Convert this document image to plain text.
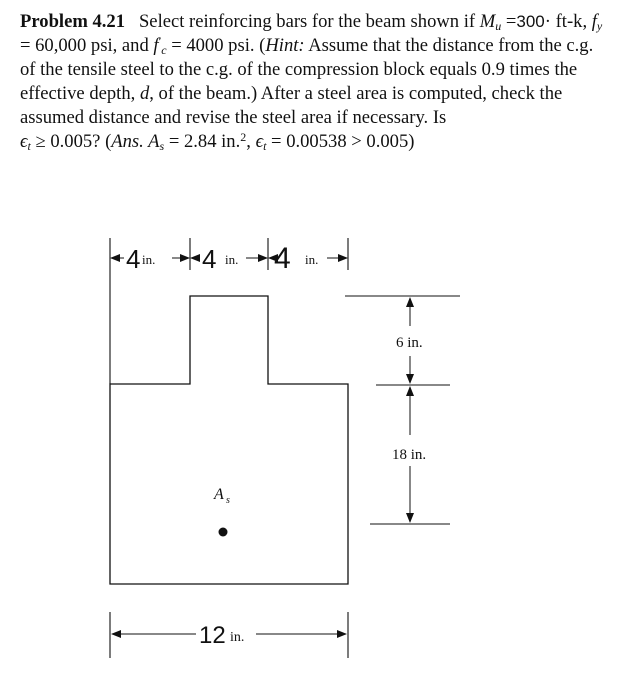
Problem 4.21 Select reinforcing bars for the beam shown if $M_u =300\cdot ft-k$, $f_y = 60,000$ psi, and $f'_c = 4000$ psi. (Hint: Assume that the distance from the c.g. of the tensile steel to the c.g. of the compression block equals 0.9 times the effective depth, d, of the beam.) After a steel area is computed, check the assumed distance and revise the steel area if necessary. Is
$\epsilon_t \ge 0.005$? (Ans. $A_s = 2.84$ in.$^2$, $\epsilon_t = 0.00538 > 0.005$)
4 in. 4 in. 4 in.
6 in.
18 in.
A s
12 in.
